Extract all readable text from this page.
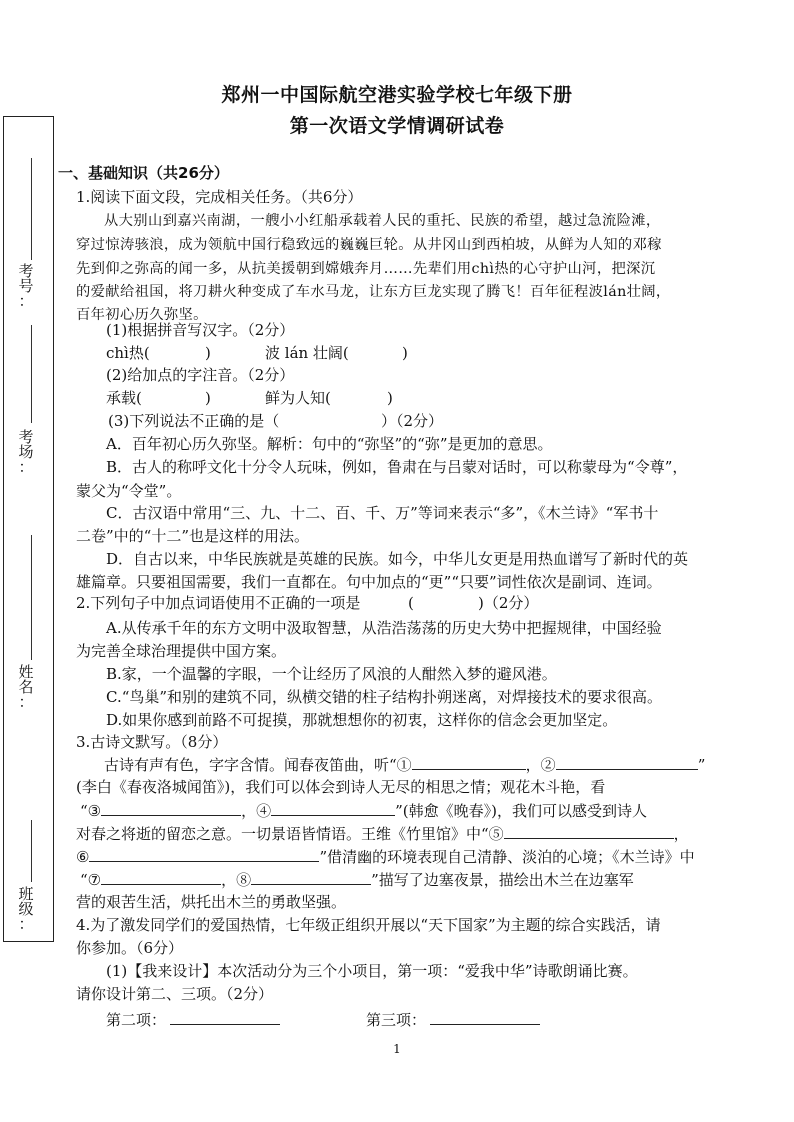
郑州一中国际航空港实验学校七年级下册
第一次语文学情调研试卷
考
号
：
考
场
：
姓
名
：
班
级
：
一、基础知识（共26分）
1.阅读下面文段，完成相关任务。（共6分）
从大别山到嘉兴南湖，一艘小小红船承载着人民的重托、民族的希望，越过急流险滩，
穿过惊涛骇浪，成为领航中国行稳致远的巍巍巨轮。从井冈山到西柏坡，从鲜为人知的邓稼
先到仰之弥高的闻一多，从抗美援朝到嫦娥奔月……先辈们用chì热的心守护山河，把深沉
的爱献给祖国，将刀耕火种变成了车水马龙，让东方巨龙实现了腾飞！百年征程波lán壮阔，
百年初心历久弥坚。
(1)根据拼音写汉字。（2分）
chì热(	)	波 lán 壮阔(	)
(2)给加点的字注音。（2分）
承载(	)	鲜为人知(	)
(3)下列说法不正确的是（	）（2分）
A．百年初心历久弥坚。解析：句中的“弥坚”的“弥”是更加的意思。
B．古人的称呼文化十分令人玩味，例如，鲁肃在与吕蒙对话时，可以称蒙母为“令尊”，
蒙父为“令堂”。
C．古汉语中常用“三、九、十二、百、千、万”等词来表示“多”，《木兰诗》“军书十
二卷”中的“十二”也是这样的用法。
D．自古以来，中华民族就是英雄的民族。如今，中华儿女更是用热血谱写了新时代的英
雄篇章。只要祖国需要，我们一直都在。句中加点的“更”“只要”词性依次是副词、连词。
2.下列句子中加点词语使用不正确的一项是	(	)（2分）
A.从传承千年的东方文明中汲取智慧，从浩浩荡荡的历史大势中把握规律，中国经验
为完善全球治理提供中国方案。
B.家，一个温馨的字眼，一个让经历了风浪的人酣然入梦的避风港。
C.“鸟巢”和别的建筑不同，纵横交错的柱子结构扑朔迷离，对焊接技术的要求很高。
D.如果你感到前路不可捉摸，那就想想你的初衷，这样你的信念会更加坚定。
3.古诗文默写。（8分）
古诗有声有色，字字含情。闻春夜笛曲，听“①	，②	”
(李白《春夜洛城闻笛》)，我们可以体会到诗人无尽的相思之情；观花木斗艳，看
“③	，④	”(韩愈《晚春》)，我们可以感受到诗人
对春之将逝的留恋之意。一切景语皆情语。王维《竹里馆》中“⑤	，
⑥	”借清幽的环境表现自己清静、淡泊的心境；《木兰诗》中
“⑦	，⑧	”描写了边塞夜景，描绘出木兰在边塞军
营的艰苦生活，烘托出木兰的勇敢坚强。
4.为了激发同学们的爱国热情，七年级正组织开展以“天下国家”为主题的综合实践活，请
你参加。（6分）
(1)【我来设计】本次活动分为三个小项目，第一项：“爱我中华”诗歌朗诵比赛。
请你设计第二、三项。（2分）
第二项：	第三项：
1
